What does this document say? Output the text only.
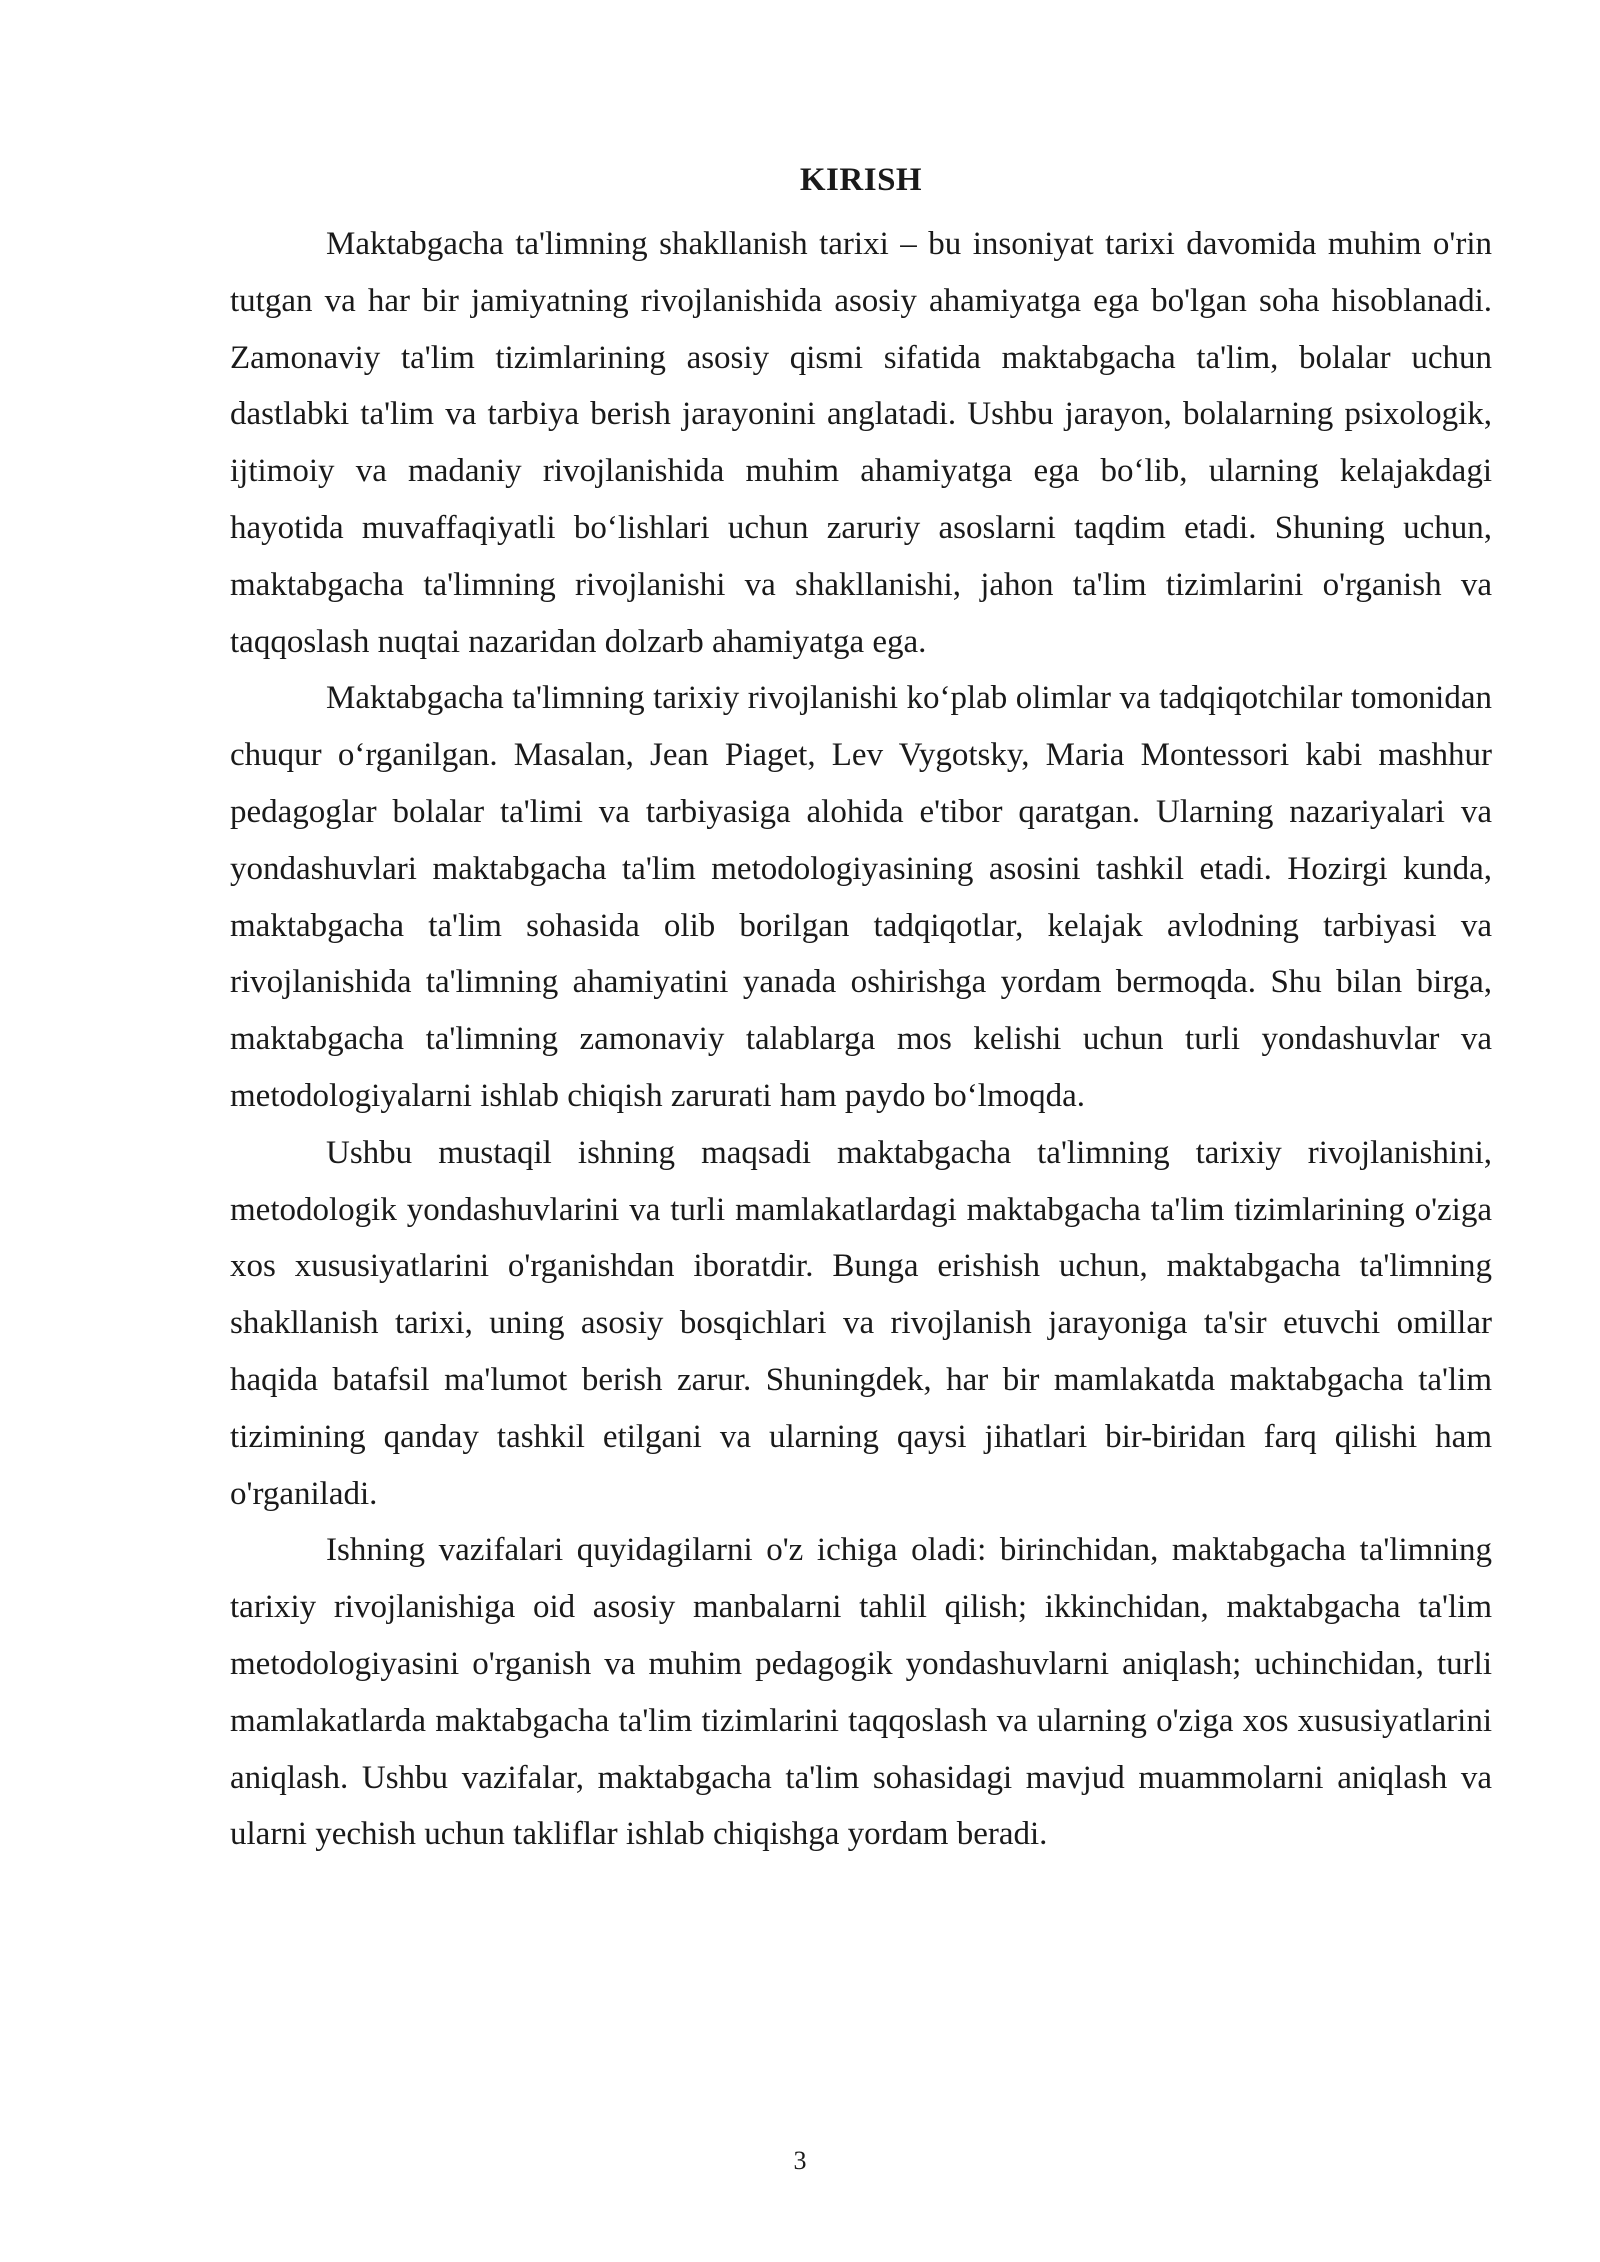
KIRISH

Maktabgacha ta'limning shakllanish tarixi – bu insoniyat tarixi davomida muhim o'rin tutgan va har bir jamiyatning rivojlanishida asosiy ahamiyatga ega bo'lgan soha hisoblanadi. Zamonaviy ta'lim tizimlarining asosiy qismi sifatida maktabgacha ta'lim, bolalar uchun dastlabki ta'lim va tarbiya berish jarayonini anglatadi. Ushbu jarayon, bolalarning psixologik, ijtimoiy va madaniy rivojlanishida muhim ahamiyatga ega bo‘lib, ularning kelajakdagi hayotida muvaffaqiyatli bo‘lishlari uchun zaruriy asoslarni taqdim etadi. Shuning uchun, maktabgacha ta'limning rivojlanishi va shakllanishi, jahon ta'lim tizimlarini o'rganish va taqqoslash nuqtai nazaridan dolzarb ahamiyatga ega.

Maktabgacha ta'limning tarixiy rivojlanishi ko‘plab olimlar va tadqiqotchilar tomonidan chuqur o‘rganilgan. Masalan, Jean Piaget, Lev Vygotsky, Maria Montessori kabi mashhur pedagoglar bolalar ta'limi va tarbiyasiga alohida e'tibor qaratgan. Ularning nazariyalari va yondashuvlari maktabgacha ta'lim metodologiyasining asosini tashkil etadi. Hozirgi kunda, maktabgacha ta'lim sohasida olib borilgan tadqiqotlar, kelajak avlodning tarbiyasi va rivojlanishida ta'limning ahamiyatini yanada oshirishga yordam bermoqda. Shu bilan birga, maktabgacha ta'limning zamonaviy talablarga mos kelishi uchun turli yondashuvlar va metodologiyalarni ishlab chiqish zarurati ham paydo bo‘lmoqda.

Ushbu mustaqil ishning maqsadi maktabgacha ta'limning tarixiy rivojlanishini, metodologik yondashuvlarini va turli mamlakatlardagi maktabgacha ta'lim tizimlarining o'ziga xos xususiyatlarini o'rganishdan iboratdir. Bunga erishish uchun, maktabgacha ta'limning shakllanish tarixi, uning asosiy bosqichlari va rivojlanish jarayoniga ta'sir etuvchi omillar haqida batafsil ma'lumot berish zarur. Shuningdek, har bir mamlakatda maktabgacha ta'lim tizimining qanday tashkil etilgani va ularning qaysi jihatlari bir-biridan farq qilishi ham o'rganiladi.

Ishning vazifalari quyidagilarni o'z ichiga oladi: birinchidan, maktabgacha ta'limning tarixiy rivojlanishiga oid asosiy manbalarni tahlil qilish; ikkinchidan, maktabgacha ta'lim metodologiyasini o'rganish va muhim pedagogik yondashuvlarni aniqlash; uchinchidan, turli mamlakatlarda maktabgacha ta'lim tizimlarini taqqoslash va ularning o'ziga xos xususiyatlarini aniqlash. Ushbu vazifalar, maktabgacha ta'lim sohasidagi mavjud muammolarni aniqlash va ularni yechish uchun takliflar ishlab chiqishga yordam beradi.

3
